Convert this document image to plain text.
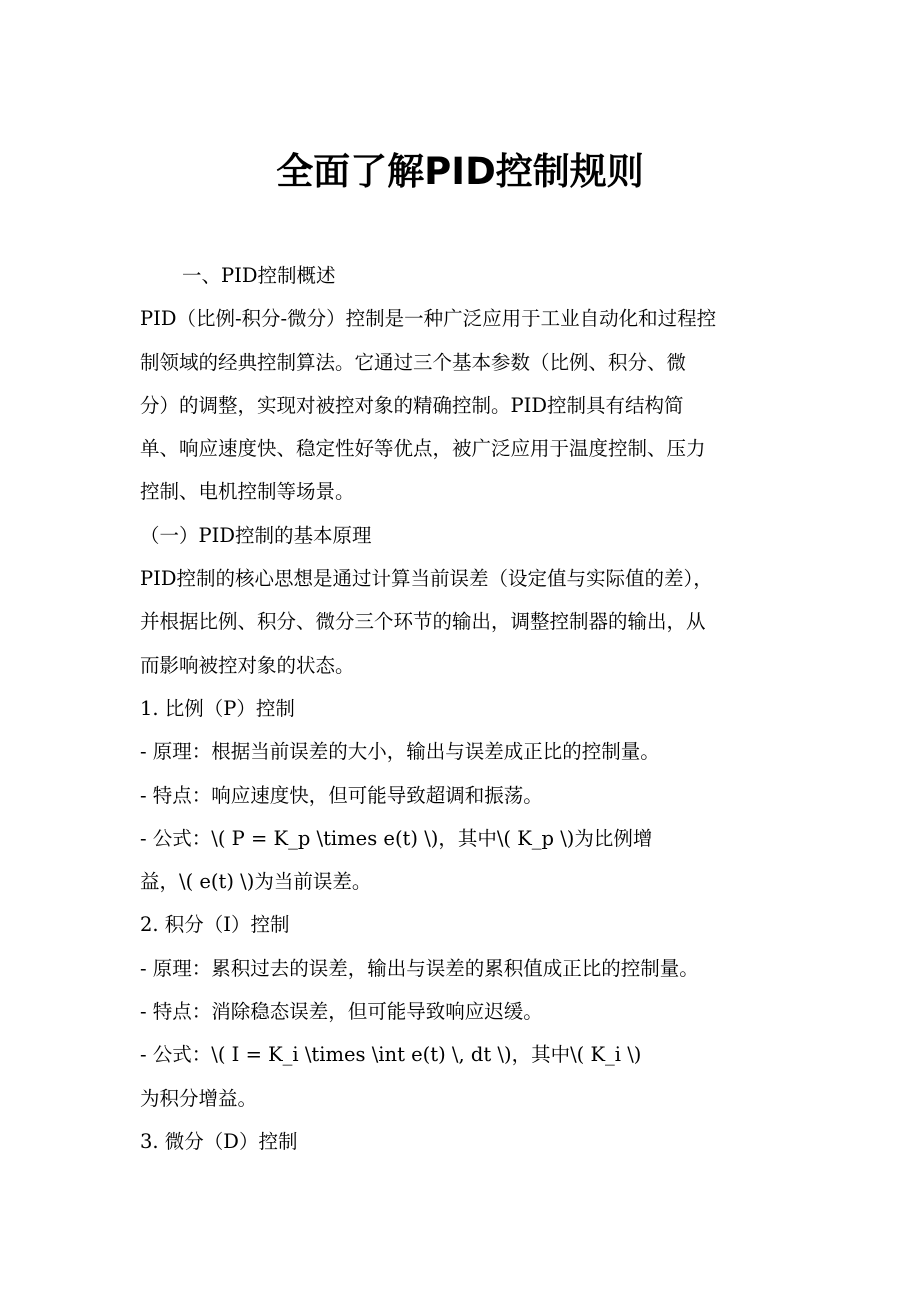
全面了解PID控制规则

一、PID控制概述

PID（比例-积分-微分）控制是一种广泛应用于工业自动化和过程控

制领域的经典控制算法。它通过三个基本参数（比例、积分、微

分）的调整，实现对被控对象的精确控制。PID控制具有结构简

单、响应速度快、稳定性好等优点，被广泛应用于温度控制、压力

控制、电机控制等场景。

（一）PID控制的基本原理

PID控制的核心思想是通过计算当前误差（设定值与实际值的差），

并根据比例、积分、微分三个环节的输出，调整控制器的输出，从

而影响被控对象的状态。

1. 比例（P）控制

- 原理：根据当前误差的大小，输出与误差成正比的控制量。

- 特点：响应速度快，但可能导致超调和振荡。

- 公式：\( P = K_p \times e(t) \)，其中\( K_p \)为比例增

益，\( e(t) \)为当前误差。

2. 积分（I）控制

- 原理：累积过去的误差，输出与误差的累积值成正比的控制量。

- 特点：消除稳态误差，但可能导致响应迟缓。

- 公式：\( I = K_i \times \int e(t) \, dt \)，其中\( K_i \)

为积分增益。

3. 微分（D）控制
